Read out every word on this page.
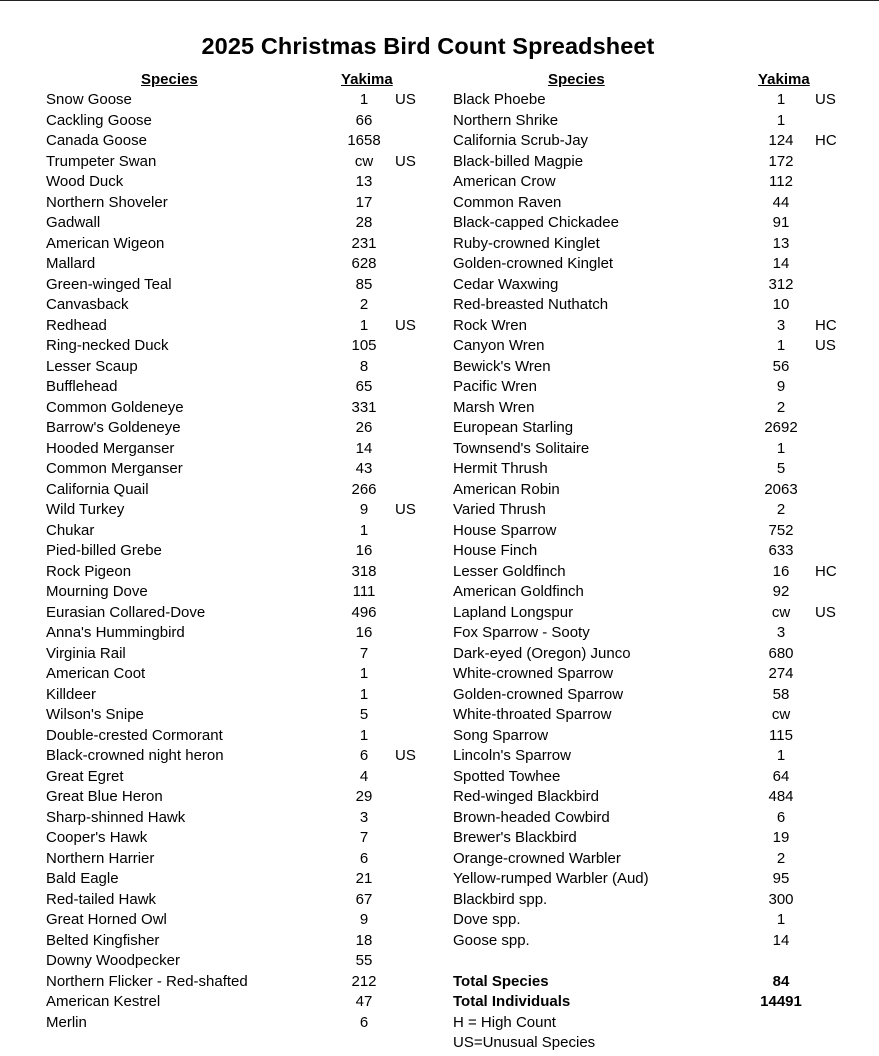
2025 Christmas Bird Count Spreadsheet
Species	Yakima	Species	Yakima
Snow Goose	1	US
Cackling Goose	66
Canada Goose	1658
Trumpeter Swan	cw	US
Wood Duck	13
Northern Shoveler	17
Gadwall	28
American Wigeon	231
Mallard	628
Green-winged Teal	85
Canvasback	2
Redhead	1	US
Ring-necked Duck	105
Lesser Scaup	8
Bufflehead	65
Common Goldeneye	331
Barrow's Goldeneye	26
Hooded Merganser	14
Common Merganser	43
California Quail	266
Wild Turkey	9	US
Chukar	1
Pied-billed Grebe	16
Rock Pigeon	318
Mourning Dove	111
Eurasian Collared-Dove	496
Anna's Hummingbird	16
Virginia Rail	7
American Coot	1
Killdeer	1
Wilson's Snipe	5
Double-crested Cormorant	1
Black-crowned night heron	6	US
Great Egret	4
Great Blue Heron	29
Sharp-shinned Hawk	3
Cooper's Hawk	7
Northern Harrier	6
Bald Eagle	21
Red-tailed Hawk	67
Great Horned Owl	9
Belted Kingfisher	18
Downy Woodpecker	55
Northern Flicker - Red-shafted	212
American Kestrel	47
Merlin	6
Black Phoebe	1	US
Northern Shrike	1
California Scrub-Jay	124	HC
Black-billed Magpie	172
American Crow	112
Common Raven	44
Black-capped Chickadee	91
Ruby-crowned Kinglet	13
Golden-crowned Kinglet	14
Cedar Waxwing	312
Red-breasted Nuthatch	10
Rock Wren	3	HC
Canyon Wren	1	US
Bewick's Wren	56
Pacific Wren	9
Marsh Wren	2
European Starling	2692
Townsend's Solitaire	1
Hermit Thrush	5
American Robin	2063
Varied Thrush	2
House Sparrow	752
House Finch	633
Lesser Goldfinch	16	HC
American Goldfinch	92
Lapland Longspur	cw	US
Fox Sparrow - Sooty	3
Dark-eyed (Oregon) Junco	680
White-crowned Sparrow	274
Golden-crowned Sparrow	58
White-throated Sparrow	cw
Song Sparrow	115
Lincoln's Sparrow	1
Spotted Towhee	64
Red-winged Blackbird	484
Brown-headed Cowbird	6
Brewer's Blackbird	19
Orange-crowned Warbler	2
Yellow-rumped Warbler (Aud)	95
Blackbird spp.	300
Dove spp.	1
Goose spp.	14
Total Species	84
Total Individuals	14491
H = High Count
US=Unusual Species
